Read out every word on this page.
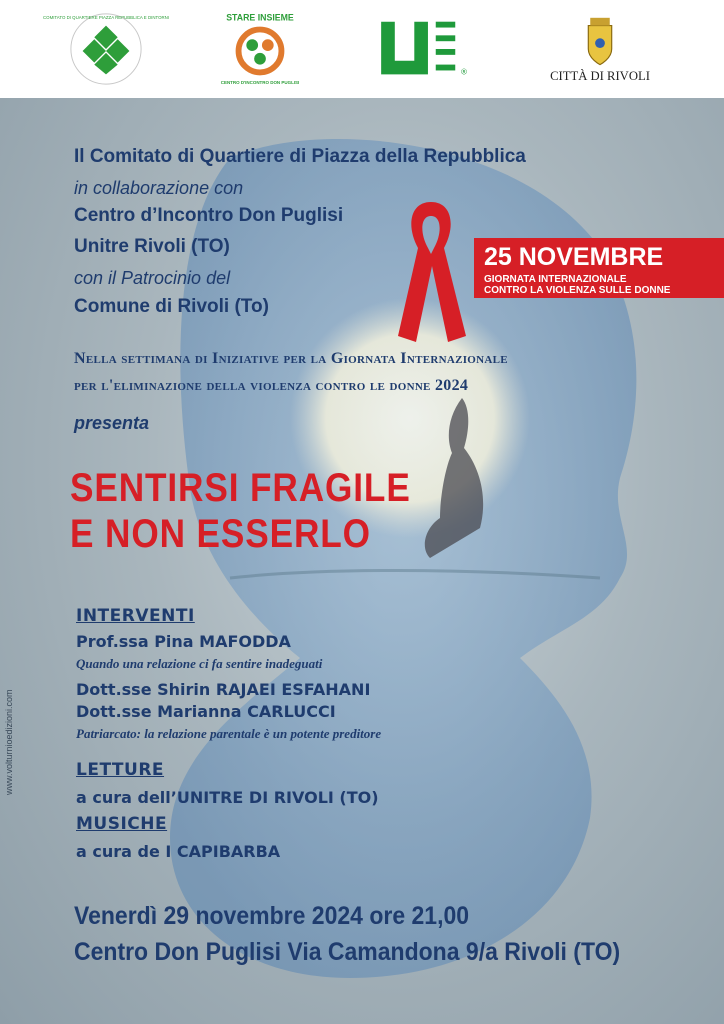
COMITATO DI QUARTIERE PIAZZA REPUBBLICA E DINTORNI	STARE INSIEME
CENTRO D'INCONTRO DON PUGLISI
®	CITTÀ DI RIVOLI

Il Comitato di Quartiere di Piazza della Repubblica

in collaborazione con

Centro d’Incontro Don Puglisi

Unitre Rivoli (TO)

con il Patrocinio del

Comune di Rivoli (To)

25 NOVEMBRE
GIORNATA INTERNAZIONALE
CONTRO LA VIOLENZA SULLE DONNE

Nella settimana di Iniziative per la Giornata Internazionale

per l'eliminazione della violenza contro le donne 2024

presenta

SENTIRSI FRAGILE

E NON ESSERLO

INTERVENTI

Prof.ssa Pina MAFODDA

Quando una relazione ci fa sentire inadeguati

Dott.sse Shirin RAJAEI ESFAHANI

Dott.sse Marianna CARLUCCI

Patriarcato: la relazione parentale è un potente preditore

LETTURE

a cura dell’UNITRE DI RIVOLI (TO)

MUSICHE

a cura de I CAPIBARBA

Venerdì 29 novembre 2024 ore 21,00

Centro Don Puglisi Via Camandona 9/a Rivoli (TO)

www.volturnioedizioni.com
